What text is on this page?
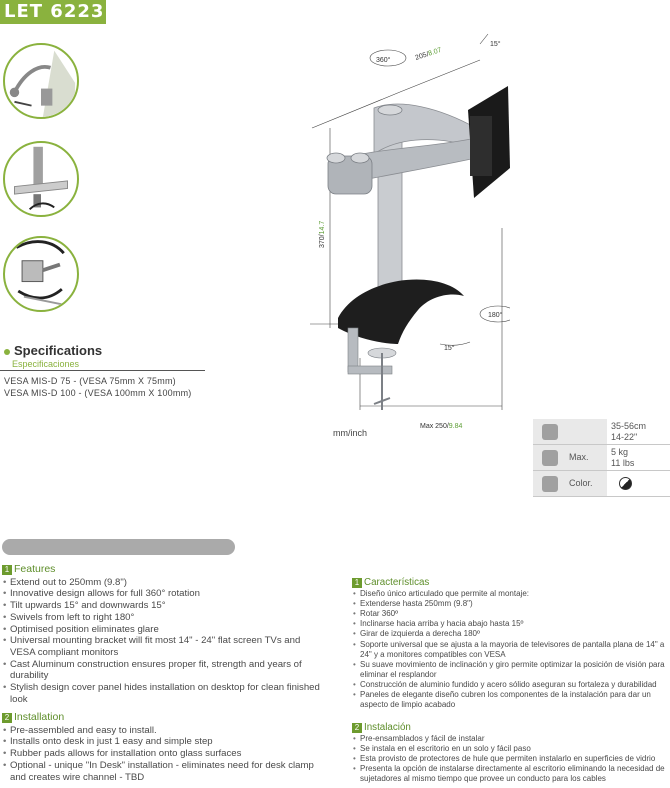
LET 6223
Specifications
Especificaciones
VESA MIS-D 75 - (VESA 75mm X 75mm)
VESA MIS-D 100 - (VESA 100mm X 100mm)
360°	205/8.07
15°
370/14.7
180°
15°
Max 250/9.84
mm/inch
35-56cm
14-22"
Max.	5 kg
11 lbs
Color.
1 Features
• Extend out to 250mm (9.8")
• Innovative design allows for full 360° rotation
• Tilt upwards 15° and downwards 15°
• Swivels from left to right 180°
• Optimised position eliminates glare
• Universal mounting bracket will fit most 14" - 24" flat screen TVs and VESA compliant monitors
• Cast Aluminum construction ensures proper fit, strength and years of durability
• Stylish design cover panel hides installation on desktop for clean finished look
2 Installation
• Pre-assembled and easy to install.
• Installs onto desk in just 1 easy and simple step
• Rubber pads allows for installation onto glass surfaces
• Optional - unique "In Desk" installation - eliminates need for desk clamp and creates wire channel - TBD
1 Características
• Diseño único articulado que permite al montaje:
• Extenderse hasta 250mm (9.8")
• Rotar 360º
• Inclinarse hacia arriba y hacia abajo hasta 15º
• Girar de izquierda a derecha 180º
• Soporte universal que se ajusta a la mayoria de televisores de pantalla plana de 14" a 24" y a monitores compatibles con VESA
• Su suave movimiento de inclinación y giro permite optimizar la posición de visión para eliminar el resplandor
• Construcción de aluminio fundido y acero sólido aseguran su fortaleza y durabilidad
• Paneles de elegante diseño cubren los componentes de la instalación para dar un aspecto de limpio acabado
2 Instalación
• Pre-ensamblados y fácil de instalar
• Se instala en el escritorio en un solo y fácil paso
• Esta provisto de protectores de hule que permiten instalarlo en superficies de vidrio
• Presenta la opción de instalarse directamente al escritorio eliminando la necesidad de sujetadores al mismo tiempo que provee un conducto para los cables
